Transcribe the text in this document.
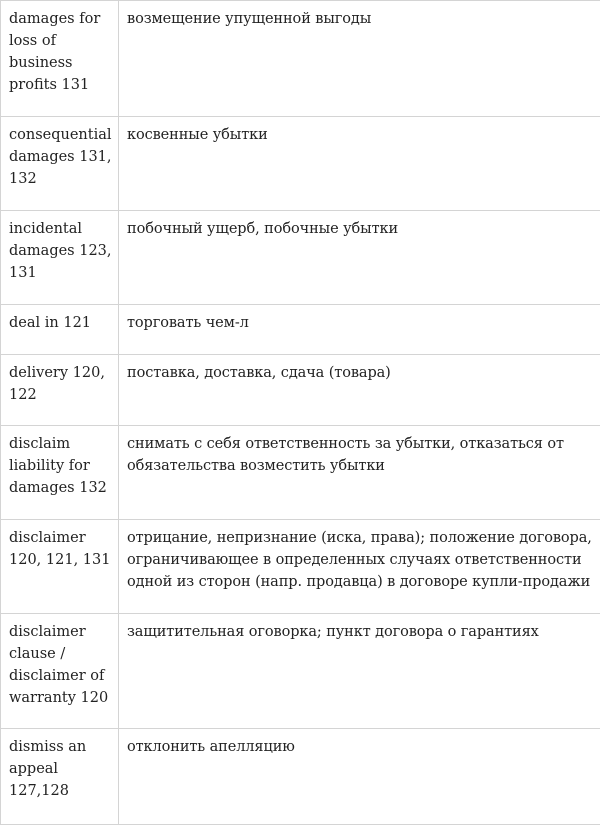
damages for loss of business profits 131	возмещение упущенной выгоды

consequential damages 131, 132	косвенные убытки

incidental damages 123, 131	побочный ущерб, побочные убытки

deal in 121	торговать чем-л

delivery 120, 122	поставка, доставка, сдача (товара)

disclaim liability for damages 132	снимать с себя ответственность за убытки, отказаться от обязательства возместить убытки

disclaimer 120, 121, 131	отрицание, непризнание (иска, права); положение договора, ограничивающее в определенных случаях ответственности одной из сторон (напр. продавца) в договоре купли-продажи

disclaimer clause / disclaimer of warranty 120	защитительная оговорка; пункт договора о гарантиях

dismiss an appeal 127,128	отклонить апелляцию
